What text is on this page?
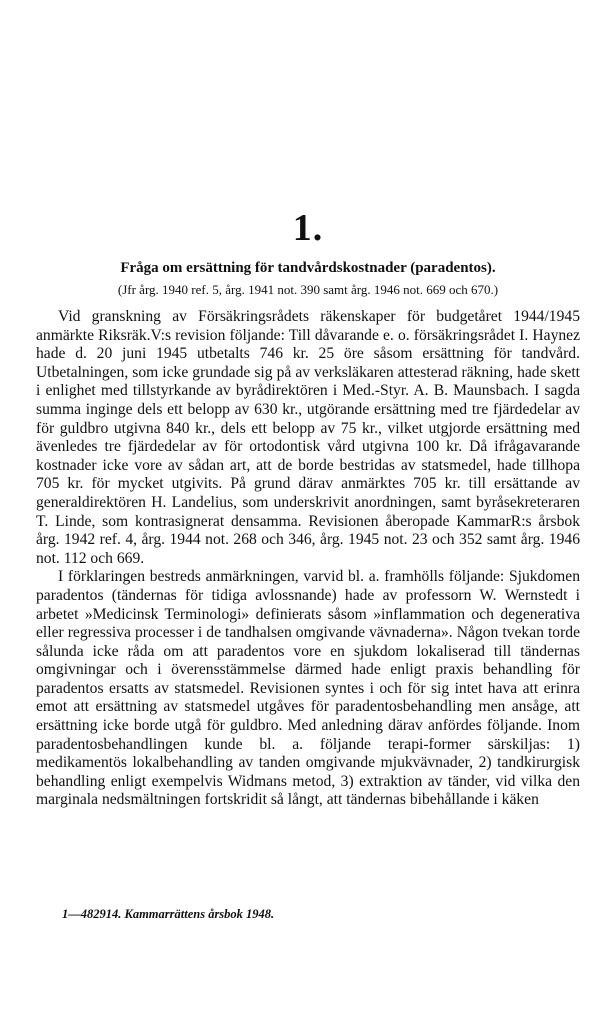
1.
Fråga om ersättning för tandvårdskostnader (paradentos).
(Jfr årg. 1940 ref. 5, årg. 1941 not. 390 samt årg. 1946 not. 669 och 670.)

Vid granskning av Försäkringsrådets räkenskaper för budgetåret 1944/1945 anmärkte Riksräk.V:s revision följande: Till dåvarande e. o. försäkringsrådet I. Haynez hade d. 20 juni 1945 utbetalts 746 kr. 25 öre såsom ersättning för tandvård. Utbetalningen, som icke grundade sig på av verksläkaren attesterad räkning, hade skett i enlighet med tillstyrkande av byrådirektören i Med.-Styr. A. B. Maunsbach. I sagda summa inginge dels ett belopp av 630 kr., utgörande ersättning med tre fjärdedelar av för guldbro utgivna 840 kr., dels ett belopp av 75 kr., vilket utgjorde ersättning med ävenledes tre fjärdedelar av för ortodontisk vård utgivna 100 kr. Då ifrågavarande kostnader icke vore av sådan art, att de borde bestridas av statsmedel, hade tillhopa 705 kr. för mycket utgivits. På grund därav anmärktes 705 kr. till ersättande av generaldirektören H. Landelius, som underskrivit anordningen, samt byråsekreteraren T. Linde, som kontrasignerat densamma. Revisionen åberopade KammarR:s årsbok årg. 1942 ref. 4, årg. 1944 not. 268 och 346, årg. 1945 not. 23 och 352 samt årg. 1946 not. 112 och 669.

I förklaringen bestreds anmärkningen, varvid bl. a. framhölls följande: Sjukdomen paradentos (tändernas för tidiga avlossnande) hade av professorn W. Wernstedt i arbetet »Medicinsk Terminologi» definierats såsom »inflammation och degenerativa eller regressiva processer i de tandhalsen omgivande vävnaderna». Någon tvekan torde sålunda icke råda om att paradentos vore en sjukdom lokaliserad till tändernas omgivningar och i överensstämmelse därmed hade enligt praxis behandling för paradentos ersatts av statsmedel. Revisionen syntes i och för sig intet hava att erinra emot att ersättning av statsmedel utgåves för paradentosbehandling men ansåge, att ersättning icke borde utgå för guldbro. Med anledning därav anfördes följande. Inom paradentosbehandlingen kunde bl. a. följande terapi-former särskiljas: 1) medikamentös lokalbehandling av tanden omgivande mjukvävnader, 2) tandkirurgisk behandling enligt exempelvis Widmans metod, 3) extraktion av tänder, vid vilka den marginala nedsmältningen fortskridit så långt, att tändernas bibehållande i käken

1—482914. Kammarrättens årsbok 1948.
